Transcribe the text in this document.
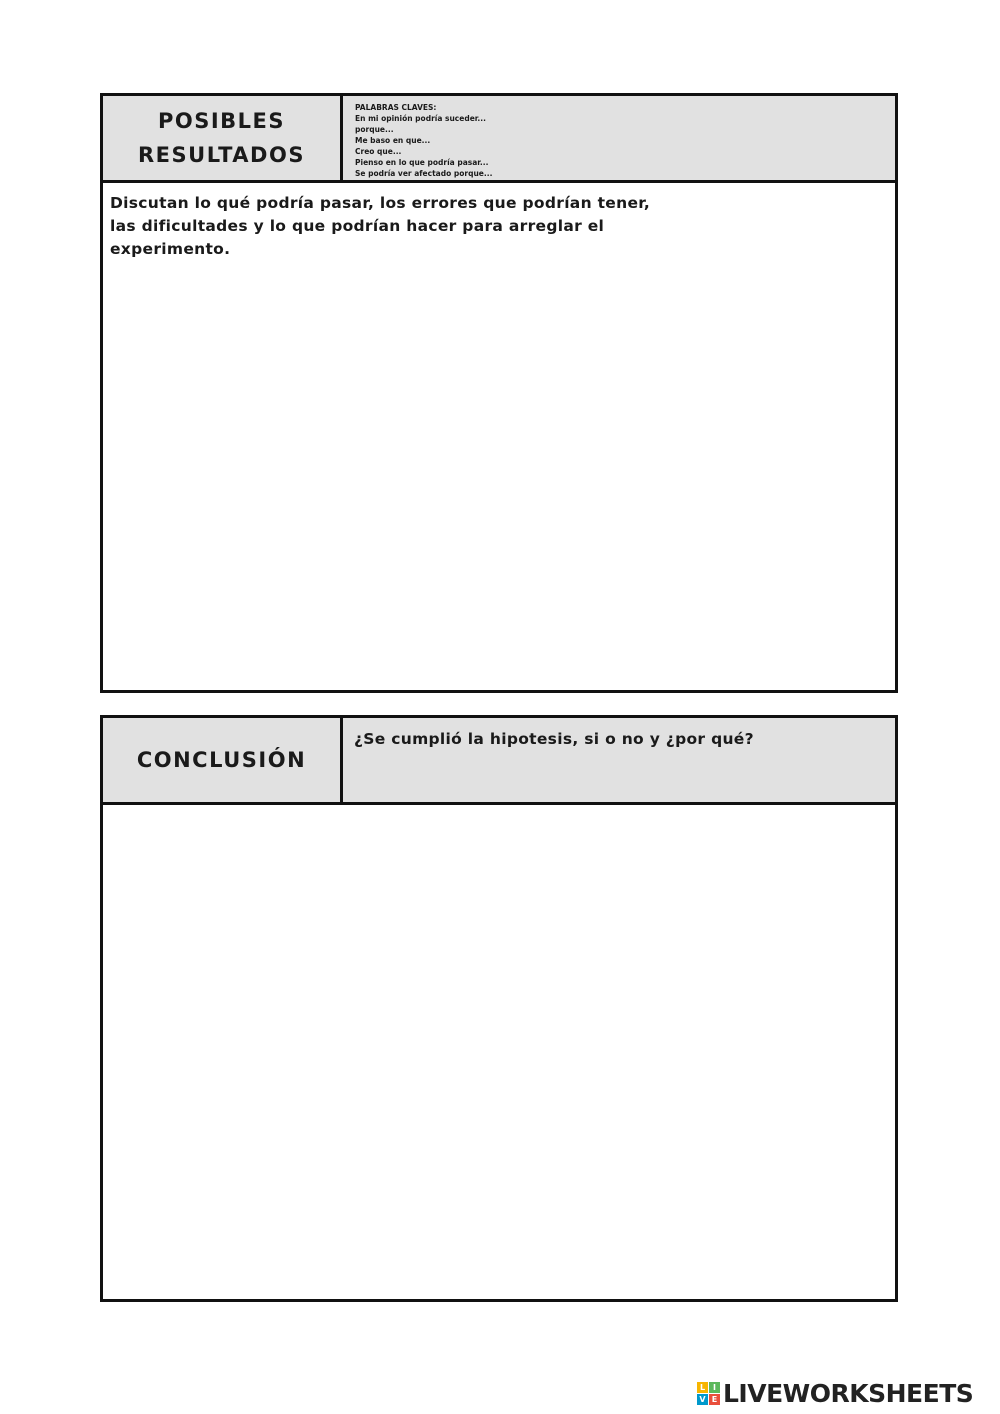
POSIBLES RESULTADOS
PALABRAS CLAVES:
En mi opinión podría suceder...
porque...
Me baso en que...
Creo que...
Pienso en lo que podría pasar...
Se podría ver afectado porque...
Discutan lo qué podría pasar, los errores que podrían tener, las dificultades y lo que podrían hacer para arreglar el experimento.
CONCLUSIÓN
¿Se cumplió la hipotesis, si o no y ¿por qué?
L I
V E LIVEWORKSHEETS
